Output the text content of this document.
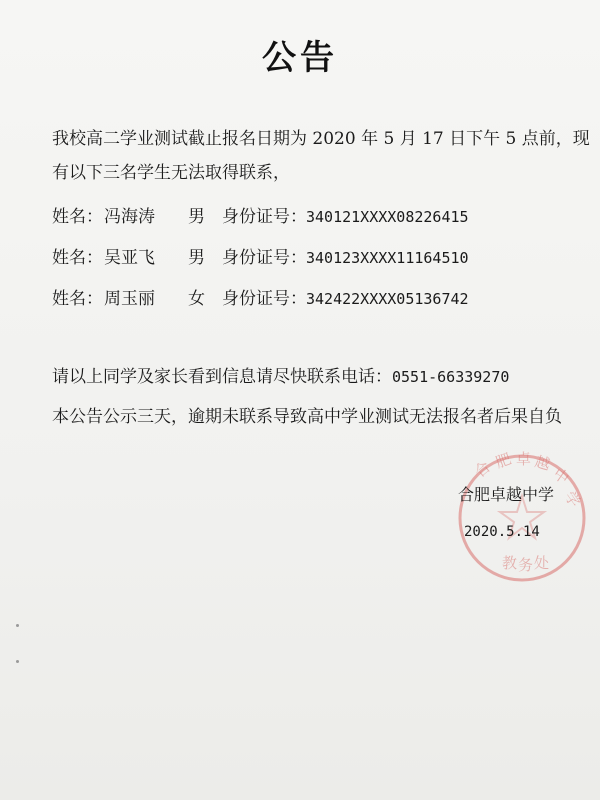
公告
我校高二学业测试截止报名日期为 2020 年 5 月 17 日下午 5 点前，现
有以下三名学生无法取得联系，
姓名：冯海涛 男 身份证号：340121XXXX08226415
姓名：吴亚飞 男 身份证号：340123XXXX11164510
姓名：周玉丽 女 身份证号：342422XXXX05136742
请以上同学及家长看到信息请尽快联系电话：0551-66339270
本公告公示三天，逾期未联系导致高中学业测试无法报名者后果自负
合 肥 卓 越
中
学
教 务 处
合肥卓越中学
2020.5.14
